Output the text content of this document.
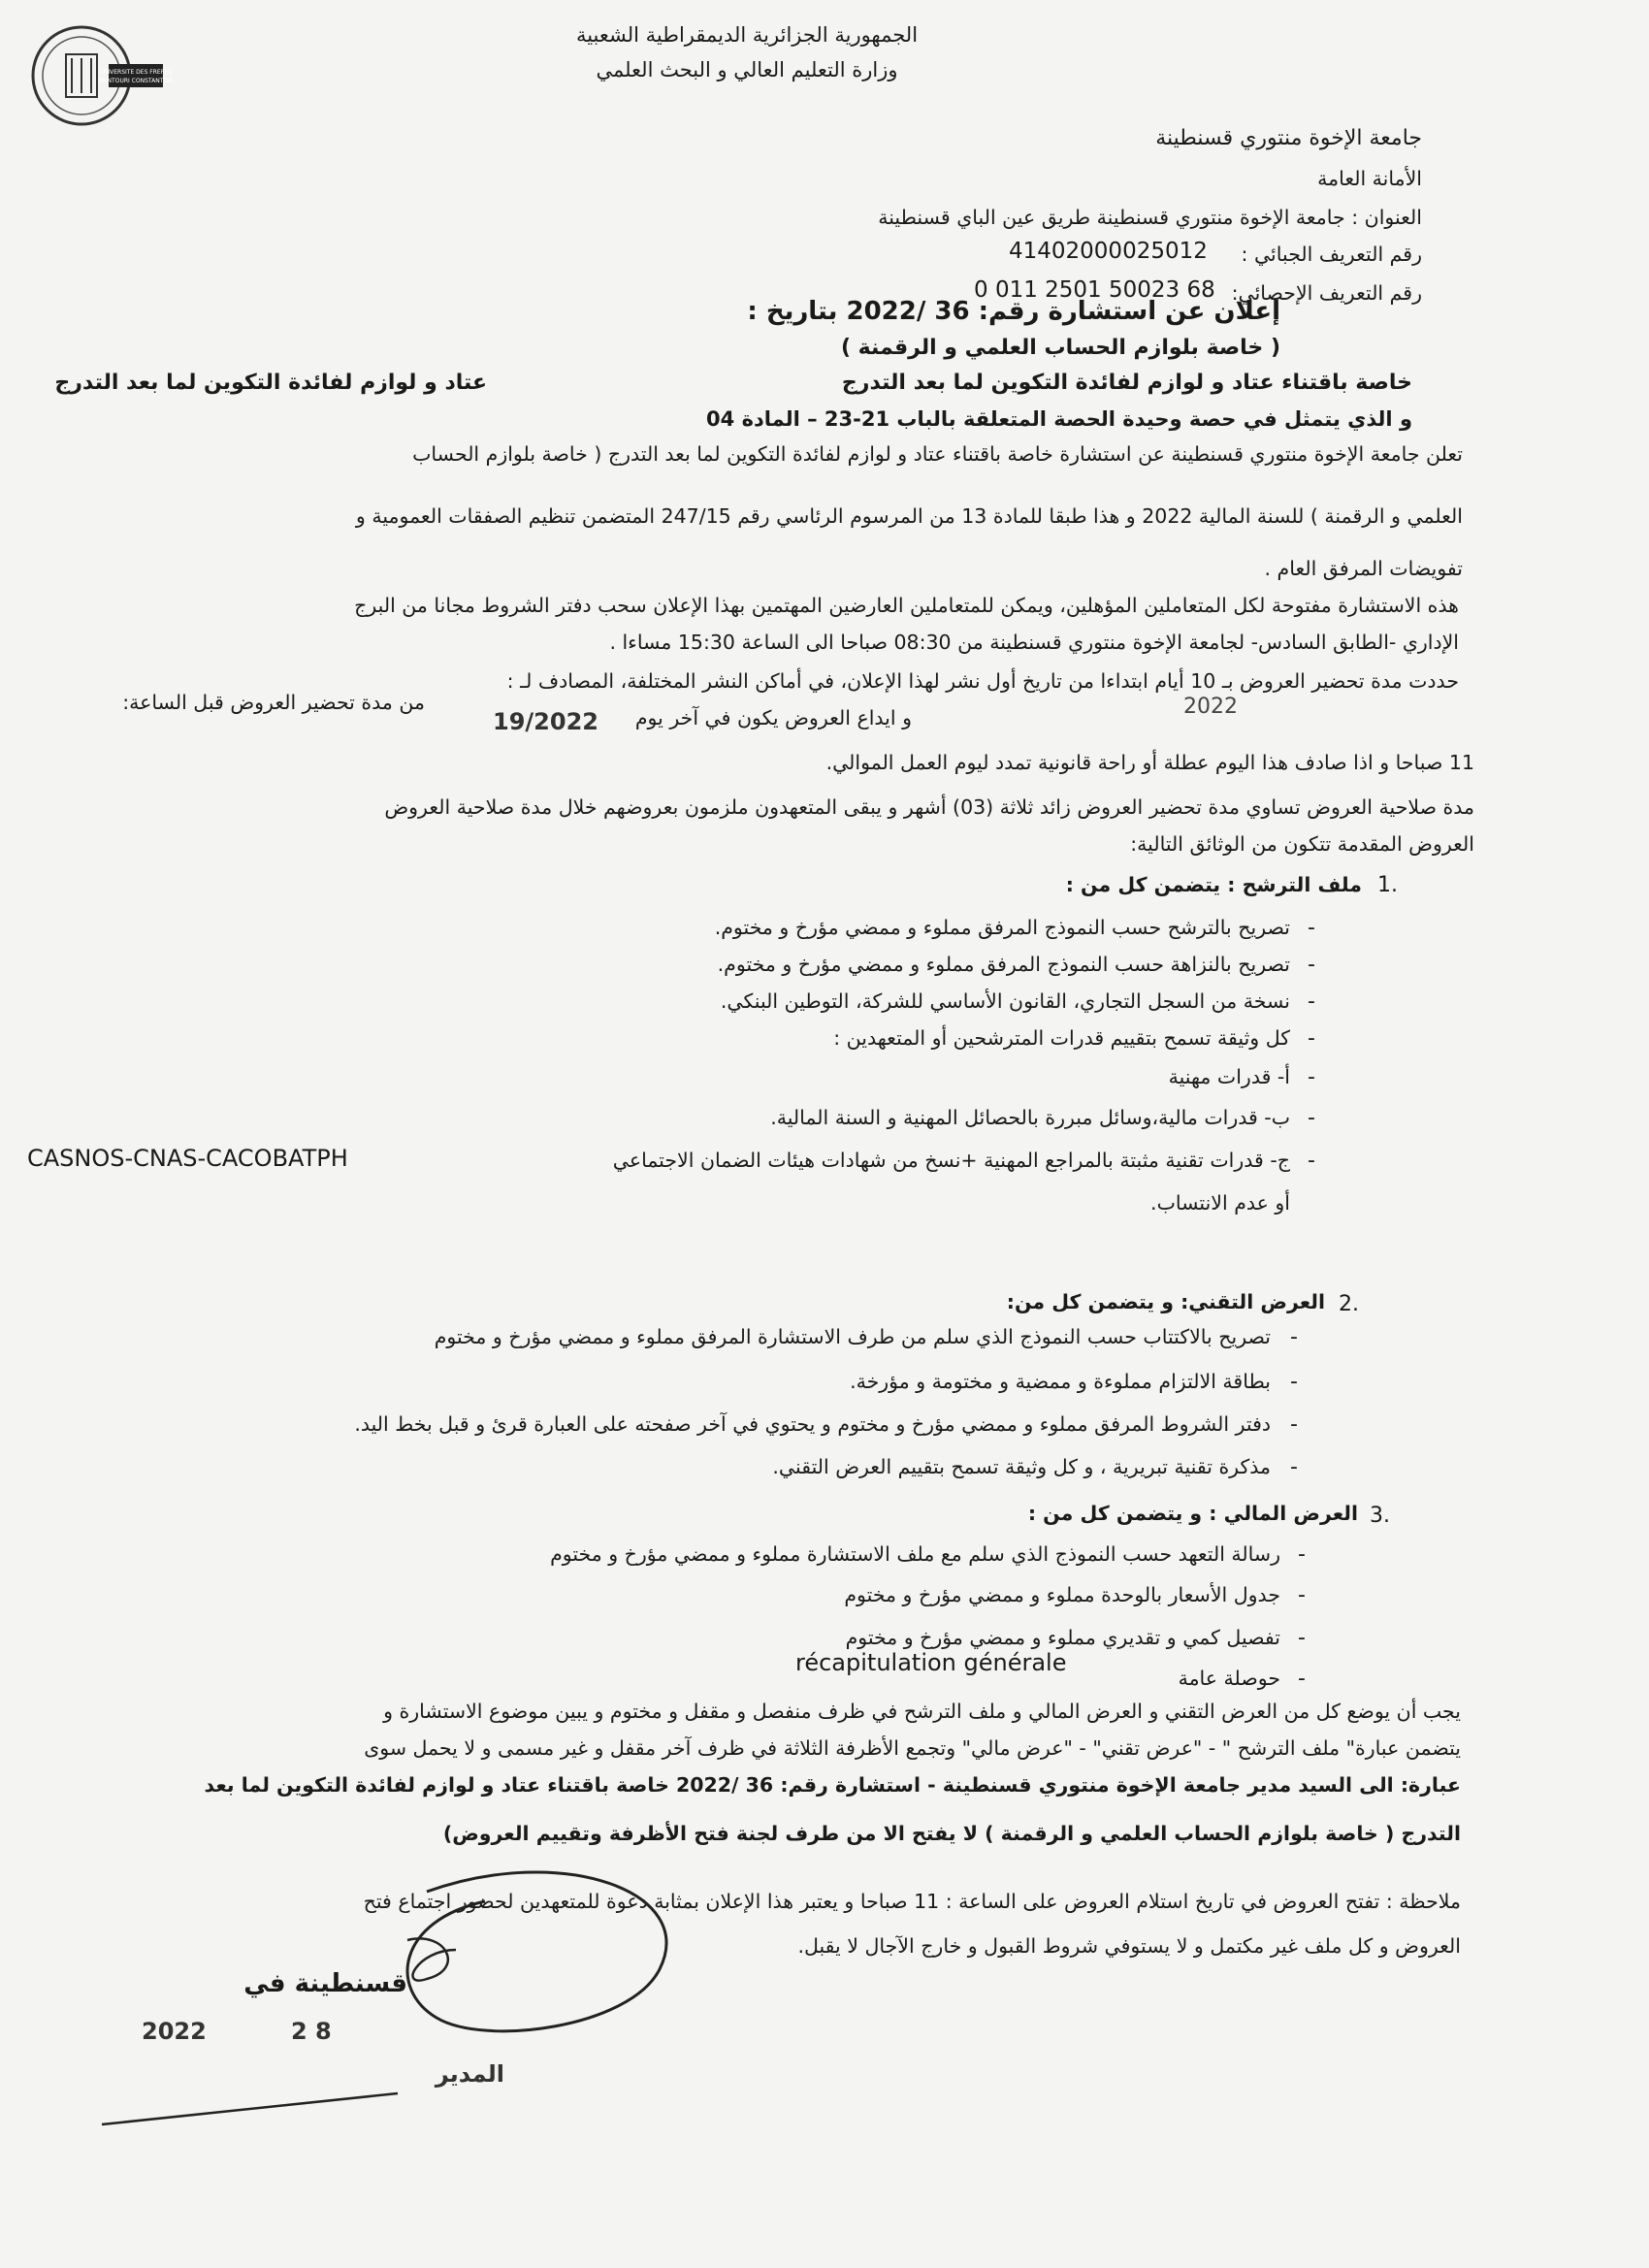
UNIVERSITE DES FRERES
MENTOURI CONSTANTINE
الجمهورية الجزائرية الديمقراطية الشعبية
وزارة التعليم العالي و البحث العلمي
جامعة الإخوة منتوري قسنطينة
الأمانة العامة
العنوان : جامعة الإخوة منتوري قسنطينة طريق عين الباي قسنطينة
رقم التعريف الجبائي :
41402000025012
رقم التعريف الإحصائي:
0 011 2501 50023 68
إعلان عن استشارة رقم: 36 /2022 بتاريخ :
( خاصة بلوازم الحساب العلمي و الرقمنة )
خاصة باقتناء عتاد و لوازم لفائدة التكوين لما بعد التدرج
و الذي يتمثل في حصة وحيدة الحصة المتعلقة بالباب 21-23 – المادة 04
عتاد و لوازم لفائدة التكوين لما بعد التدرج
تعلن جامعة الإخوة منتوري قسنطينة عن استشارة خاصة باقتناء عتاد و لوازم لفائدة التكوين لما بعد التدرج ( خاصة بلوازم الحساب
العلمي و الرقمنة ) للسنة المالية 2022 و هذا طبقا للمادة 13 من المرسوم الرئاسي رقم 247/15 المتضمن تنظيم الصفقات العمومية و
تفويضات المرفق العام .
هذه الاستشارة مفتوحة لكل المتعاملين المؤهلين، ويمكن للمتعاملين العارضين المهتمين بهذا الإعلان سحب دفتر الشروط مجانا من البرج
الإداري -الطابق السادس- لجامعة الإخوة منتوري قسنطينة من 08:30 صباحا الى الساعة 15:30 مساءا .
حددت مدة تحضير العروض بـ 10 أيام ابتداءا من تاريخ أول نشر لهذا الإعلان، في أماكن النشر المختلفة، المصادف لـ :
من مدة تحضير العروض قبل الساعة:
و ايداع العروض يكون في آخر يوم	2022
19/2022
11 صباحا و اذا صادف هذا اليوم عطلة أو راحة قانونية تمدد ليوم العمل الموالي.
مدة صلاحية العروض تساوي مدة تحضير العروض زائد ثلاثة (03) أشهر و يبقى المتعهدون ملزمون بعروضهم خلال مدة صلاحية العروض
العروض المقدمة تتكون من الوثائق التالية:
1.
ملف الترشح : يتضمن كل من :
تصريح بالترشح حسب النموذج المرفق مملوء و ممضي مؤرخ و مختوم. -
تصريح بالنزاهة حسب النموذج المرفق مملوء و ممضي مؤرخ و مختوم. -
نسخة من السجل التجاري، القانون الأساسي للشركة، التوطين البنكي. -
كل وثيقة تسمح بتقييم قدرات المترشحين أو المتعهدين : -
أ- قدرات مهنية -
ب- قدرات مالية،وسائل مبررة بالحصائل المهنية و السنة المالية. -
ج- قدرات تقنية مثبتة بالمراجع المهنية +نسخ من شهادات هيئات الضمان الاجتماعي -
CASNOS-CNAS-CACOBATPH
أو عدم الانتساب.
2.
العرض التقني: و يتضمن كل من:
تصريح بالاكتتاب حسب النموذج الذي سلم من طرف الاستشارة المرفق مملوء و ممضي مؤرخ و مختوم -
بطاقة الالتزام مملوءة و ممضية و مختومة و مؤرخة. -
دفتر الشروط المرفق مملوء و ممضي مؤرخ و مختوم و يحتوي في آخر صفحته على العبارة قرئ و قبل بخط اليد. -
مذكرة تقنية تبريرية ، و كل وثيقة تسمح بتقييم العرض التقني. -
3.
العرض المالي : و يتضمن كل من :
رسالة التعهد حسب النموذج الذي سلم مع ملف الاستشارة مملوء و ممضي مؤرخ و مختوم -
جدول الأسعار بالوحدة مملوء و ممضي مؤرخ و مختوم -
تفصيل كمي و تقديري مملوء و ممضي مؤرخ و مختوم -
حوصلة عامة -
récapitulation générale
يجب أن يوضع كل من العرض التقني و العرض المالي و ملف الترشح في ظرف منفصل و مقفل و مختوم و يبين موضوع الاستشارة و
يتضمن عبارة" ملف الترشح " - "عرض تقني" - "عرض مالي" وتجمع الأظرفة الثلاثة في ظرف آخر مقفل و غير مسمى و لا يحمل سوى
عبارة: الى السيد مدير جامعة الإخوة منتوري قسنطينة - استشارة رقم: 36 /2022 خاصة باقتناء عتاد و لوازم لفائدة التكوين لما بعد
التدرج ( خاصة بلوازم الحساب العلمي و الرقمنة ) لا يفتح الا من طرف لجنة فتح الأظرفة وتقييم العروض)
ملاحظة : تفتح العروض في تاريخ استلام العروض على الساعة : 11 صباحا و يعتبر هذا الإعلان بمثابة دعوة للمتعهدين لحضور اجتماع فتح
العروض و كل ملف غير مكتمل و لا يستوفي شروط القبول و خارج الآجال لا يقبل.
قسنطينة في
2022	2 8
المدير
